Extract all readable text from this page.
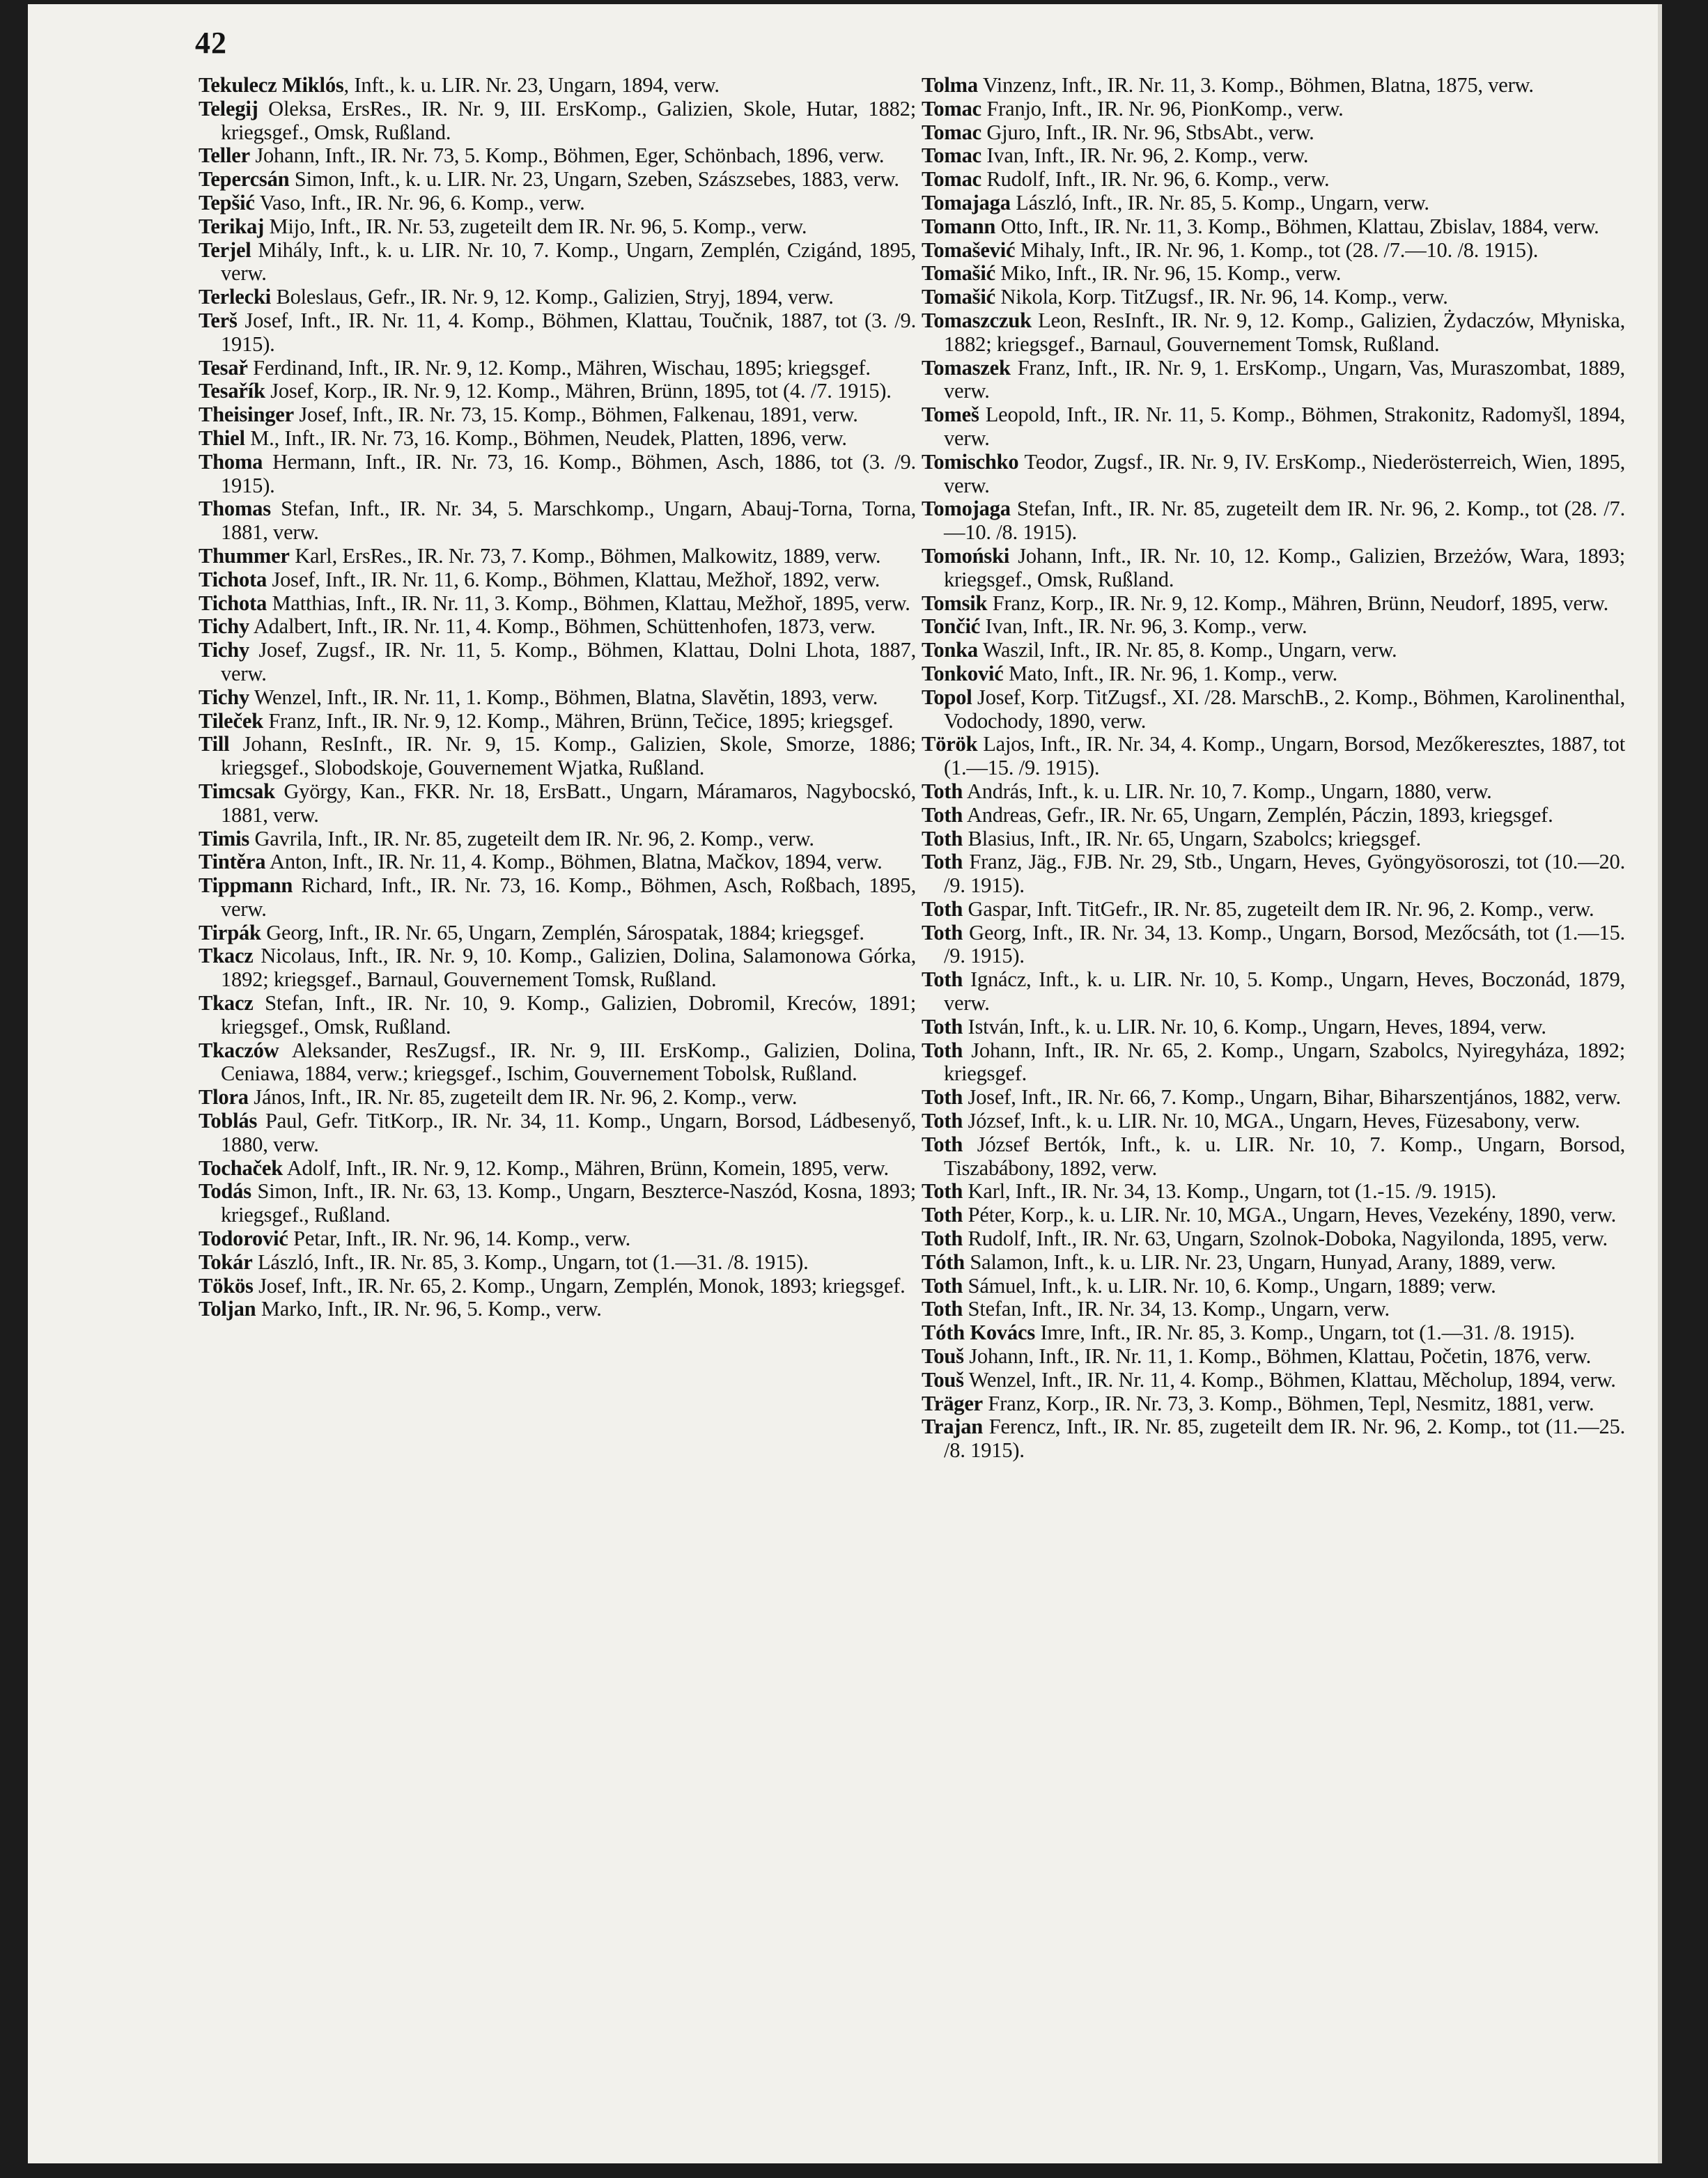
42
Tekulecz Miklós, Inft., k. u. LIR. Nr. 23, Ungarn, 1894, verw.
Telegij Oleksa, ErsRes., IR. Nr. 9, III. ErsKomp., Galizien, Skole, Hutar, 1882; kriegsgef., Omsk, Rußland.
Teller Johann, Inft., IR. Nr. 73, 5. Komp., Böhmen, Eger, Schönbach, 1896, verw.
Tepercsán Simon, Inft., k. u. LIR. Nr. 23, Ungarn, Szeben, Szászsebes, 1883, verw.
Tepšić Vaso, Inft., IR. Nr. 96, 6. Komp., verw.
Terikaj Mijo, Inft., IR. Nr. 53, zugeteilt dem IR. Nr. 96, 5. Komp., verw.
Terjel Mihály, Inft., k. u. LIR. Nr. 10, 7. Komp., Ungarn, Zemplén, Czigánd, 1895, verw.
Terlecki Boleslaus, Gefr., IR. Nr. 9, 12. Komp., Galizien, Stryj, 1894, verw.
Terš Josef, Inft., IR. Nr. 11, 4. Komp., Böhmen, Klattau, Toučnik, 1887, tot (3. /9. 1915).
Tesař Ferdinand, Inft., IR. Nr. 9, 12. Komp., Mähren, Wischau, 1895; kriegsgef.
Tesařík Josef, Korp., IR. Nr. 9, 12. Komp., Mähren, Brünn, 1895, tot (4. /7. 1915).
Theisinger Josef, Inft., IR. Nr. 73, 15. Komp., Böhmen, Falkenau, 1891, verw.
Thiel M., Inft., IR. Nr. 73, 16. Komp., Böhmen, Neudek, Platten, 1896, verw.
Thoma Hermann, Inft., IR. Nr. 73, 16. Komp., Böhmen, Asch, 1886, tot (3. /9. 1915).
Thomas Stefan, Inft., IR. Nr. 34, 5. Marschkomp., Ungarn, Abauj-Torna, Torna, 1881, verw.
Thummer Karl, ErsRes., IR. Nr. 73, 7. Komp., Böhmen, Malkowitz, 1889, verw.
Tichota Josef, Inft., IR. Nr. 11, 6. Komp., Böhmen, Klattau, Mežhoř, 1892, verw.
Tichota Matthias, Inft., IR. Nr. 11, 3. Komp., Böhmen, Klattau, Mežhoř, 1895, verw.
Tichy Adalbert, Inft., IR. Nr. 11, 4. Komp., Böhmen, Schüttenhofen, 1873, verw.
Tichy Josef, Zugsf., IR. Nr. 11, 5. Komp., Böhmen, Klattau, Dolni Lhota, 1887, verw.
Tichy Wenzel, Inft., IR. Nr. 11, 1. Komp., Böhmen, Blatna, Slavětin, 1893, verw.
Tileček Franz, Inft., IR. Nr. 9, 12. Komp., Mähren, Brünn, Tečice, 1895; kriegsgef.
Till Johann, ResInft., IR. Nr. 9, 15. Komp., Galizien, Skole, Smorze, 1886; kriegsgef., Slobodskoje, Gouvernement Wjatka, Rußland.
Timcsak György, Kan., FKR. Nr. 18, ErsBatt., Ungarn, Máramaros, Nagybocskó, 1881, verw.
Timis Gavrila, Inft., IR. Nr. 85, zugeteilt dem IR. Nr. 96, 2. Komp., verw.
Tintěra Anton, Inft., IR. Nr. 11, 4. Komp., Böhmen, Blatna, Mačkov, 1894, verw.
Tippmann Richard, Inft., IR. Nr. 73, 16. Komp., Böhmen, Asch, Roßbach, 1895, verw.
Tirpák Georg, Inft., IR. Nr. 65, Ungarn, Zemplén, Sárospatak, 1884; kriegsgef.
Tkacz Nicolaus, Inft., IR. Nr. 9, 10. Komp., Galizien, Dolina, Salamonowa Górka, 1892; kriegsgef., Barnaul, Gouvernement Tomsk, Rußland.
Tkacz Stefan, Inft., IR. Nr. 10, 9. Komp., Galizien, Dobromil, Krecόw, 1891; kriegsgef., Omsk, Rußland.
Tkaczów Aleksander, ResZugsf., IR. Nr. 9, III. ErsKomp., Galizien, Dolina, Ceniawa, 1884, verw.; kriegsgef., Ischim, Gouvernement Tobolsk, Rußland.
Tlora János, Inft., IR. Nr. 85, zugeteilt dem IR. Nr. 96, 2. Komp., verw.
Toblás Paul, Gefr. TitKorp., IR. Nr. 34, 11. Komp., Ungarn, Borsod, Ládbesenyő, 1880, verw.
Tochaček Adolf, Inft., IR. Nr. 9, 12. Komp., Mähren, Brünn, Komein, 1895, verw.
Todás Simon, Inft., IR. Nr. 63, 13. Komp., Ungarn, Beszterce-Naszód, Kosna, 1893; kriegsgef., Rußland.
Todorović Petar, Inft., IR. Nr. 96, 14. Komp., verw.
Tokár László, Inft., IR. Nr. 85, 3. Komp., Ungarn, tot (1.—31. /8. 1915).
Tökös Josef, Inft., IR. Nr. 65, 2. Komp., Ungarn, Zemplén, Monok, 1893; kriegsgef.
Toljan Marko, Inft., IR. Nr. 96, 5. Komp., verw.
Tolma Vinzenz, Inft., IR. Nr. 11, 3. Komp., Böhmen, Blatna, 1875, verw.
Tomac Franjo, Inft., IR. Nr. 96, PionKomp., verw.
Tomac Gjuro, Inft., IR. Nr. 96, StbsAbt., verw.
Tomac Ivan, Inft., IR. Nr. 96, 2. Komp., verw.
Tomac Rudolf, Inft., IR. Nr. 96, 6. Komp., verw.
Tomajaga László, Inft., IR. Nr. 85, 5. Komp., Ungarn, verw.
Tomann Otto, Inft., IR. Nr. 11, 3. Komp., Böhmen, Klattau, Zbislav, 1884, verw.
Tomašević Mihaly, Inft., IR. Nr. 96, 1. Komp., tot (28. /7.—10. /8. 1915).
Tomašić Miko, Inft., IR. Nr. 96, 15. Komp., verw.
Tomašić Nikola, Korp. TitZugsf., IR. Nr. 96, 14. Komp., verw.
Tomaszczuk Leon, ResInft., IR. Nr. 9, 12. Komp., Galizien, Żydaczów, Młyniska, 1882; kriegsgef., Barnaul, Gouvernement Tomsk, Rußland.
Tomaszek Franz, Inft., IR. Nr. 9, 1. ErsKomp., Ungarn, Vas, Muraszombat, 1889, verw.
Tomeš Leopold, Inft., IR. Nr. 11, 5. Komp., Böhmen, Strakonitz, Radomyšl, 1894, verw.
Tomischko Teodor, Zugsf., IR. Nr. 9, IV. ErsKomp., Niederösterreich, Wien, 1895, verw.
Tomojaga Stefan, Inft., IR. Nr. 85, zugeteilt dem IR. Nr. 96, 2. Komp., tot (28. /7.—10. /8. 1915).
Tomoński Johann, Inft., IR. Nr. 10, 12. Komp., Galizien, Brzeżów, Wara, 1893; kriegsgef., Omsk, Rußland.
Tomsik Franz, Korp., IR. Nr. 9, 12. Komp., Mähren, Brünn, Neudorf, 1895, verw.
Tončić Ivan, Inft., IR. Nr. 96, 3. Komp., verw.
Tonka Waszil, Inft., IR. Nr. 85, 8. Komp., Ungarn, verw.
Tonković Mato, Inft., IR. Nr. 96, 1. Komp., verw.
Topol Josef, Korp. TitZugsf., XI. /28. MarschB., 2. Komp., Böhmen, Karolinenthal, Vodochody, 1890, verw.
Török Lajos, Inft., IR. Nr. 34, 4. Komp., Ungarn, Borsod, Mezőkeresztes, 1887, tot (1.—15. /9. 1915).
Toth András, Inft., k. u. LIR. Nr. 10, 7. Komp., Ungarn, 1880, verw.
Toth Andreas, Gefr., IR. Nr. 65, Ungarn, Zemplén, Páczin, 1893, kriegsgef.
Toth Blasius, Inft., IR. Nr. 65, Ungarn, Szabolcs; kriegsgef.
Toth Franz, Jäg., FJB. Nr. 29, Stb., Ungarn, Heves, Gyöngyösoroszi, tot (10.—20. /9. 1915).
Toth Gaspar, Inft. TitGefr., IR. Nr. 85, zugeteilt dem IR. Nr. 96, 2. Komp., verw.
Toth Georg, Inft., IR. Nr. 34, 13. Komp., Ungarn, Borsod, Mezőcsáth, tot (1.—15. /9. 1915).
Toth Ignácz, Inft., k. u. LIR. Nr. 10, 5. Komp., Ungarn, Heves, Boczonád, 1879, verw.
Toth István, Inft., k. u. LIR. Nr. 10, 6. Komp., Ungarn, Heves, 1894, verw.
Toth Johann, Inft., IR. Nr. 65, 2. Komp., Ungarn, Szabolcs, Nyiregyháza, 1892; kriegsgef.
Toth Josef, Inft., IR. Nr. 66, 7. Komp., Ungarn, Bihar, Biharszentjános, 1882, verw.
Toth József, Inft., k. u. LIR. Nr. 10, MGA., Ungarn, Heves, Füzesabony, verw.
Toth József Bertók, Inft., k. u. LIR. Nr. 10, 7. Komp., Ungarn, Borsod, Tiszabábony, 1892, verw.
Toth Karl, Inft., IR. Nr. 34, 13. Komp., Ungarn, tot (1.-15. /9. 1915).
Toth Péter, Korp., k. u. LIR. Nr. 10, MGA., Ungarn, Heves, Vezekény, 1890, verw.
Toth Rudolf, Inft., IR. Nr. 63, Ungarn, Szolnok-Doboka, Nagyilonda, 1895, verw.
Tóth Salamon, Inft., k. u. LIR. Nr. 23, Ungarn, Hunyad, Arany, 1889, verw.
Toth Sámuel, Inft., k. u. LIR. Nr. 10, 6. Komp., Ungarn, 1889; verw.
Toth Stefan, Inft., IR. Nr. 34, 13. Komp., Ungarn, verw.
Tóth Kovács Imre, Inft., IR. Nr. 85, 3. Komp., Ungarn, tot (1.—31. /8. 1915).
Touš Johann, Inft., IR. Nr. 11, 1. Komp., Böhmen, Klattau, Početin, 1876, verw.
Touš Wenzel, Inft., IR. Nr. 11, 4. Komp., Böhmen, Klattau, Měcholup, 1894, verw.
Träger Franz, Korp., IR. Nr. 73, 3. Komp., Böhmen, Tepl, Nesmitz, 1881, verw.
Trajan Ferencz, Inft., IR. Nr. 85, zugeteilt dem IR. Nr. 96, 2. Komp., tot (11.—25. /8. 1915).
